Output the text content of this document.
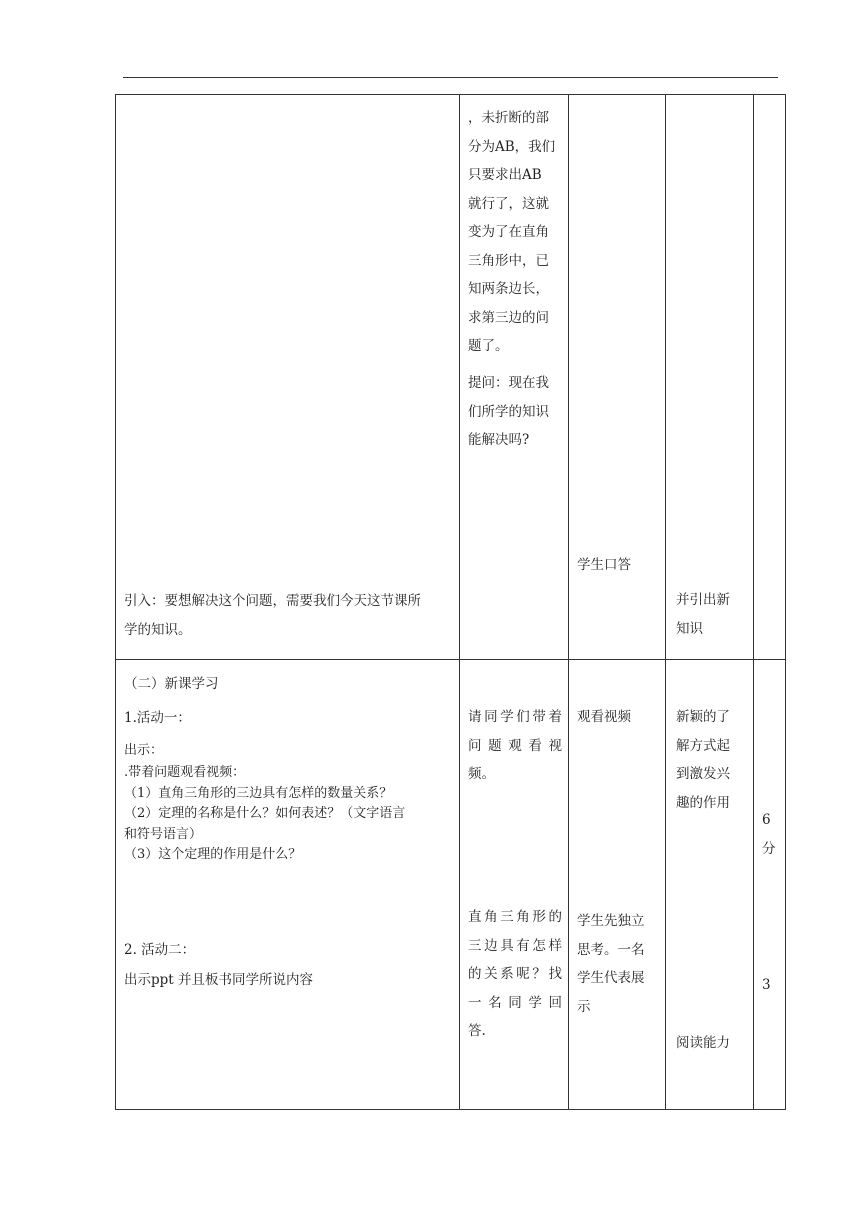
引入：要想解决这个问题，需要我们今天这节课所
学的知识。
，未折断的部
分为AB，我们
只要求出AB
就行了，这就
变为了在直角
三角形中，已
知两条边长，
求第三边的问
题了。
提问：现在我
们所学的知识
能解决吗?
学生口答
并引出新
知识
（二）新课学习
1.活动一：
出示：
.带着问题观看视频：
（1）直角三角形的三边具有怎样的数量关系？
（2）定理的名称是什么？如何表述？（文字语言
和符号语言）
（3）这个定理的作用是什么？
2. 活动二：
出示ppt 并且板书同学所说内容
请同学们带着
问 题 观 看 视
频。
直角三角形的
三边具有怎样
的关系呢？找
一 名 同 学 回
答.
观看视频
学生先独立
思考。一名
学生代表展
示
新颖的了
解方式起
到激发兴
趣的作用
阅读能力
6
分
3
